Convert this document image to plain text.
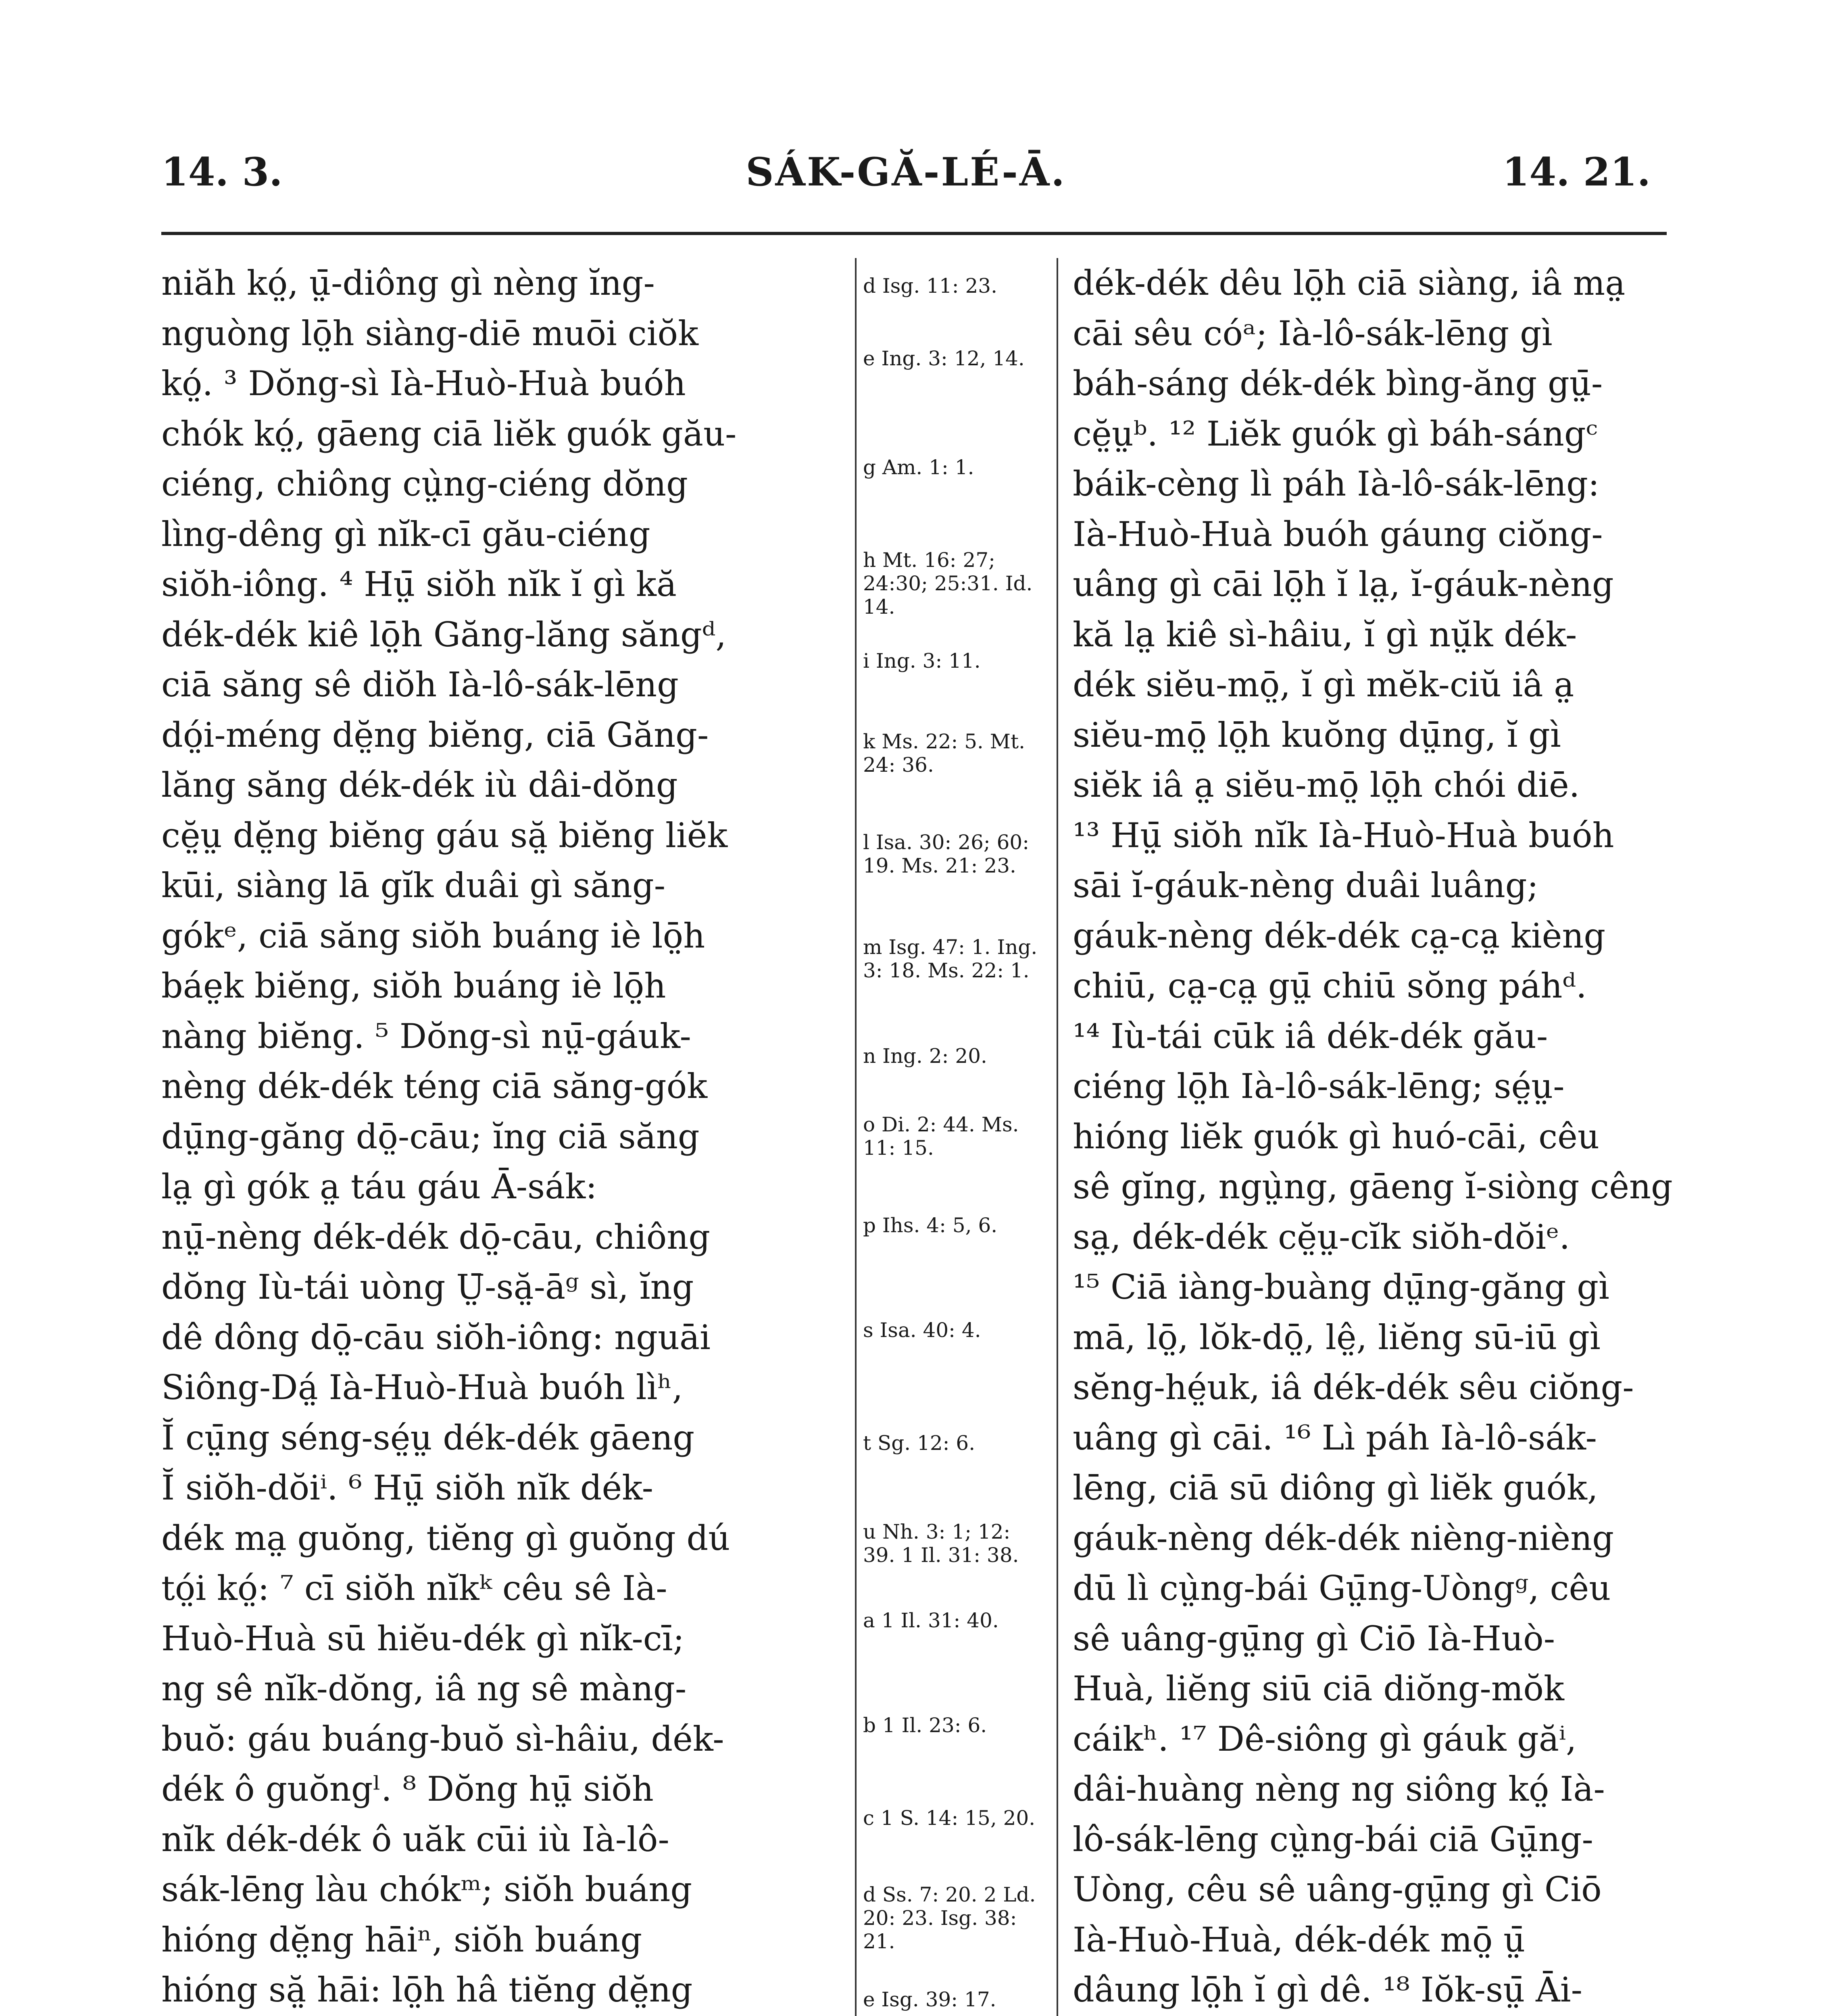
14. 3.	SÁK-GĂ-LÉ-Ā.	14. 21.
niăh kó̤, ṳ̄-diông gì nèng ĭng-
nguòng lō̤h siàng-diē muōi ciŏk
kó̤. ³ Dŏng-sì Ià-Huò-Huà buóh
chók kó̤, gāeng ciā liĕk guók gău-
ciéng, chiông cṳ̀ng-ciéng dŏng
lìng-dêng gì nĭk-cī gău-ciéng
siŏh-iông. ⁴ Hṳ̄ siŏh nĭk ĭ gì kă
dék-dék kiê lō̤h Găng-lăng săngᵈ,
ciā săng sê diŏh Ià-lô-sák-lēng
dó̤i-méng dĕ̤ng biĕng, ciā Găng-
lăng săng dék-dék iù dâi-dŏng
cĕ̤ṳ dĕ̤ng biĕng gáu să̤ biĕng liĕk
kūi, siàng lā gĭk duâi gì săng-
gókᵉ, ciā săng siŏh buáng iè lō̤h
báe̤k biĕng, siŏh buáng iè lō̤h
nàng biĕng. ⁵ Dŏng-sì nṳ̄-gáuk-
nèng dék-dék téng ciā săng-gók
dṳ̄ng-găng dō̤-cāu; ĭng ciā săng
la̤ gì gók a̤ táu gáu Ā-sák:
nṳ̄-nèng dék-dék dō̤-cāu, chiông
dŏng Iù-tái uòng Ṳ̄-să̤-āᵍ sì, ĭng
dê dông dō̤-cāu siŏh-iông: nguāi
Siông-Dá̤ Ià-Huò-Huà buóh lìʰ,
Ĭ cṳ̄ng séng-sé̤ṳ dék-dék gāeng
Ĭ siŏh-dŏiⁱ. ⁶ Hṳ̄ siŏh nĭk dék-
dék ma̤ guŏng, tiĕng gì guŏng dú
tó̤i kó̤: ⁷ cī siŏh nĭkᵏ cêu sê Ià-
Huò-Huà sū hiĕu-dék gì nĭk-cī;
ng sê nĭk-dŏng, iâ ng sê màng-
buŏ: gáu buáng-buŏ sì-hâiu, dék-
dék ô guŏngˡ. ⁸ Dŏng hṳ̄ siŏh
nĭk dék-dék ô uăk cūi iù Ià-lô-
sák-lēng làu chókᵐ; siŏh buáng
hióng dĕ̤ng hāiⁿ, siŏh buáng
hióng să̤ hāi: lō̤h hâ tiĕng dĕ̤ng
d Isg. 11: 23.
e Ing. 3: 12, 14.
g Am. 1: 1.
h Mt. 16: 27; 24:30; 25:31. Id. 14.
i Ing. 3: 11.
k Ms. 22: 5. Mt. 24: 36.
l Isa. 30: 26; 60: 19. Ms. 21: 23.
m Isg. 47: 1. Ing. 3: 18. Ms. 22: 1.
n Ing. 2: 20.
o Di. 2: 44. Ms. 11: 15.
p Ihs. 4: 5, 6.
s Isa. 40: 4.
t Sg. 12: 6.
u Nh. 3: 1; 12: 39. 1 Il. 31: 38.
a 1 Il. 31: 40.
b 1 Il. 23: 6.
c 1 S. 14: 15, 20.
d Ss. 7: 20. 2 Ld. 20: 23. Isg. 38: 21.
e Isg. 39: 17.
dék-dék dêu lō̤h ciā siàng, iâ ma̤
cāi sêu cóᵃ; Ià-lô-sák-lēng gì
báh-sáng dék-dék bìng-ăng gṳ̄-
cĕ̤ṳᵇ. ¹² Liĕk guók gì báh-sángᶜ
báik-cèng lì páh Ià-lô-sák-lēng:
Ià-Huò-Huà buóh gáung ciŏng-
uâng gì cāi lō̤h ĭ la̤, ĭ-gáuk-nèng
kă la̤ kiê sì-hâiu, ĭ gì nṳ̆k dék-
dék siĕu-mō̤, ĭ gì mĕk-ciŭ iâ a̤
siĕu-mō̤ lō̤h kuŏng dṳ̄ng, ĭ gì
siĕk iâ a̤ siĕu-mō̤ lō̤h chói diē.
¹³ Hṳ̄ siŏh nĭk Ià-Huò-Huà buóh
sāi ĭ-gáuk-nèng duâi luâng;
gáuk-nèng dék-dék ca̤-ca̤ kièng
chiū, ca̤-ca̤ gṳ̄ chiū sŏng páhᵈ.
¹⁴ Iù-tái cūk iâ dék-dék gău-
ciéng lō̤h Ià-lô-sák-lēng; sé̤ṳ-
hióng liĕk guók gì huó-cāi, cêu
sê gĭng, ngṳ̀ng, gāeng ĭ-siòng cêng
sa̤, dék-dék cĕ̤ṳ-cĭk siŏh-dŏiᵉ.
¹⁵ Ciā iàng-buàng dṳ̄ng-găng gì
mā, lō̤, lŏk-dō̤, lê̤, liĕng sū-iū gì
sĕng-hé̤uk, iâ dék-dék sêu ciŏng-
uâng gì cāi. ¹⁶ Lì páh Ià-lô-sák-
lēng, ciā sū diông gì liĕk guók,
gáuk-nèng dék-dék nièng-nièng
dū lì cṳ̀ng-bái Gṳ̄ng-Uòngᵍ, cêu
sê uâng-gṳ̄ng gì Ciō Ià-Huò-
Huà, liĕng siū ciā diŏng-mŏk
cáikʰ. ¹⁷ Dê-siông gì gáuk găⁱ,
dâi-huàng nèng ng siông kó̤ Ià-
lô-sák-lēng cṳ̀ng-bái ciā Gṳ̄ng-
Uòng, cêu sê uâng-gṳ̄ng gì Ciō
Ià-Huò-Huà, dék-dék mō̤ ṳ̄
dâung lō̤h ĭ gì dê. ¹⁸ Iŏk-sṳ̄ Āi-
